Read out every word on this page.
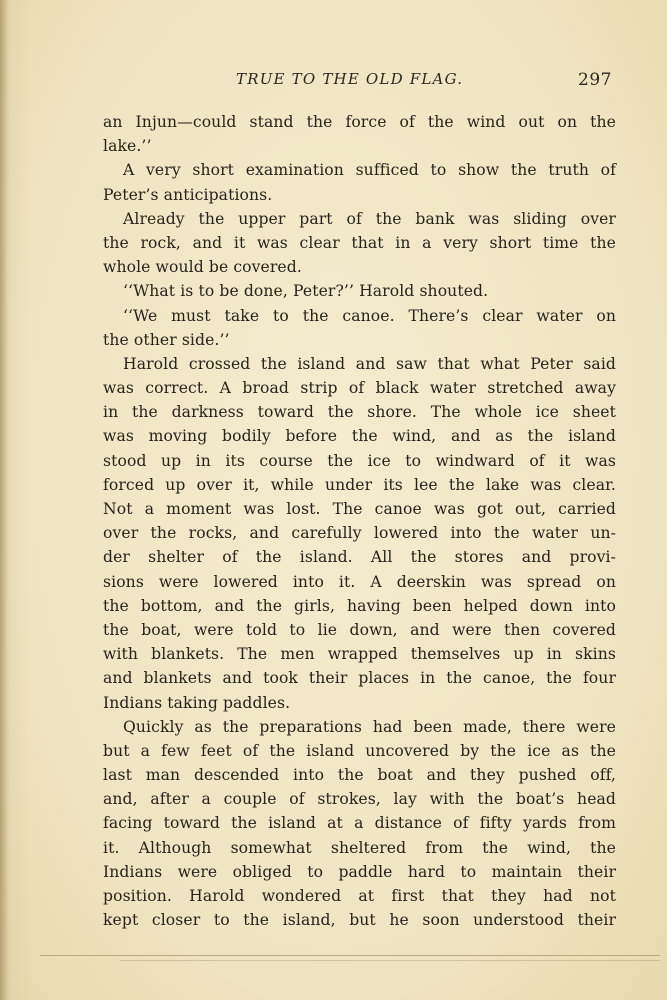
TRUE TO THE OLD FLAG.	297
an Injun—could stand the force of the wind out on the
lake.’’
A very short examination sufficed to show the truth of
Peter’s anticipations.
Already the upper part of the bank was sliding over
the rock, and it was clear that in a very short time the
whole would be covered.
‘‘What is to be done, Peter?’’ Harold shouted.
‘‘We must take to the canoe. There’s clear water on
the other side.’’
Harold crossed the island and saw that what Peter said
was correct. A broad strip of black water stretched away
in the darkness toward the shore. The whole ice sheet
was moving bodily before the wind, and as the island
stood up in its course the ice to windward of it was
forced up over it, while under its lee the lake was clear.
Not a moment was lost. The canoe was got out, carried
over the rocks, and carefully lowered into the water un-
der shelter of the island. All the stores and provi-
sions were lowered into it. A deerskin was spread on
the bottom, and the girls, having been helped down into
the boat, were told to lie down, and were then covered
with blankets. The men wrapped themselves up in skins
and blankets and took their places in the canoe, the four
Indians taking paddles.
Quickly as the preparations had been made, there were
but a few feet of the island uncovered by the ice as the
last man descended into the boat and they pushed off,
and, after a couple of strokes, lay with the boat’s head
facing toward the island at a distance of fifty yards from
it. Although somewhat sheltered from the wind, the
Indians were obliged to paddle hard to maintain their
position. Harold wondered at first that they had not
kept closer to the island, but he soon understood their
